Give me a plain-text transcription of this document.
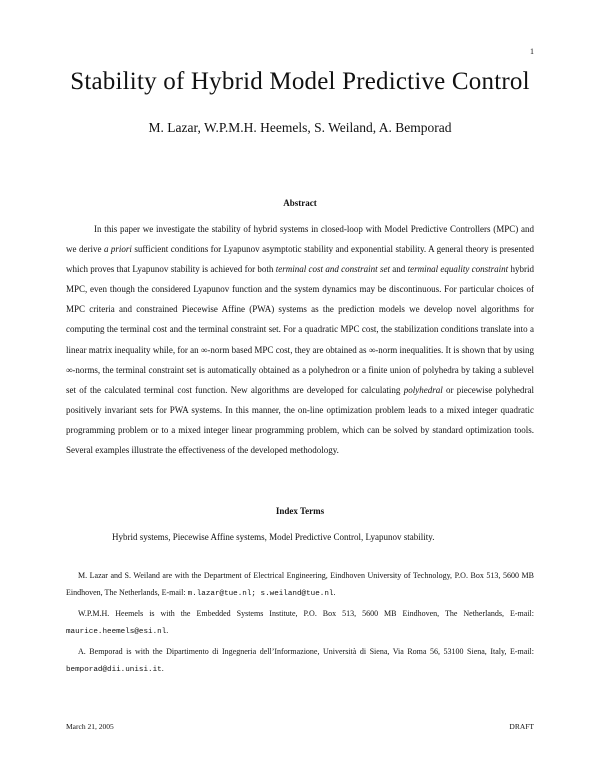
1
Stability of Hybrid Model Predictive Control
M. Lazar, W.P.M.H. Heemels, S. Weiland, A. Bemporad
Abstract
In this paper we investigate the stability of hybrid systems in closed-loop with Model Predictive Controllers (MPC) and we derive a priori sufficient conditions for Lyapunov asymptotic stability and exponential stability. A general theory is presented which proves that Lyapunov stability is achieved for both terminal cost and constraint set and terminal equality constraint hybrid MPC, even though the considered Lyapunov function and the system dynamics may be discontinuous. For particular choices of MPC criteria and constrained Piecewise Affine (PWA) systems as the prediction models we develop novel algorithms for computing the terminal cost and the terminal constraint set. For a quadratic MPC cost, the stabilization conditions translate into a linear matrix inequality while, for an ∞-norm based MPC cost, they are obtained as ∞-norm inequalities. It is shown that by using ∞-norms, the terminal constraint set is automatically obtained as a polyhedron or a finite union of polyhedra by taking a sublevel set of the calculated terminal cost function. New algorithms are developed for calculating polyhedral or piecewise polyhedral positively invariant sets for PWA systems. In this manner, the on-line optimization problem leads to a mixed integer quadratic programming problem or to a mixed integer linear programming problem, which can be solved by standard optimization tools. Several examples illustrate the effectiveness of the developed methodology.
Index Terms
Hybrid systems, Piecewise Affine systems, Model Predictive Control, Lyapunov stability.

M. Lazar and S. Weiland are with the Department of Electrical Engineering, Eindhoven University of Technology, P.O. Box 513, 5600 MB Eindhoven, The Netherlands, E-mail: m.lazar@tue.nl; s.weiland@tue.nl.

W.P.M.H. Heemels is with the Embedded Systems Institute, P.O. Box 513, 5600 MB Eindhoven, The Netherlands, E-mail: maurice.heemels@esi.nl.

A. Bemporad is with the Dipartimento di Ingegneria dell’Informazione, Università di Siena, Via Roma 56, 53100 Siena, Italy, E-mail: bemporad@dii.unisi.it.

March 21, 2005	DRAFT
